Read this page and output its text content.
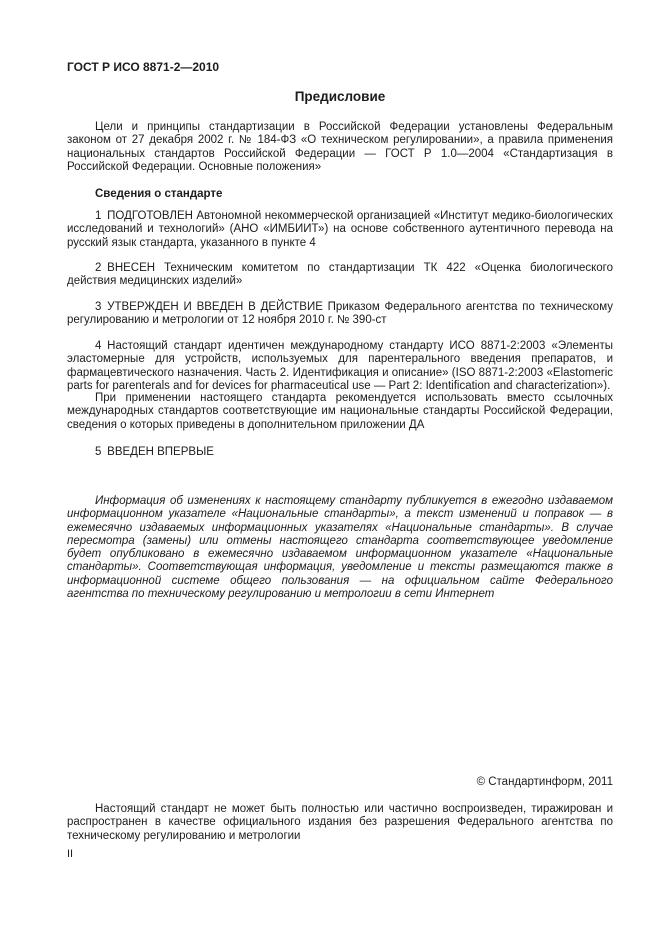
ГОСТ Р ИСО 8871-2—2010

Предисловие

Цели и принципы стандартизации в Российской Федерации установлены Федеральным законом от 27 декабря 2002 г. № 184-ФЗ «О техническом регулировании», а правила применения национальных стандартов Российской Федерации — ГОСТ Р 1.0—2004 «Стандартизация в Российской Федерации. Основные положения»

Сведения о стандарте

1 ПОДГОТОВЛЕН Автономной некоммерческой организацией «Институт медико-биологических исследований и технологий» (АНО «ИМБИИТ») на основе собственного аутентичного перевода на русский язык стандарта, указанного в пункте 4

2 ВНЕСЕН Техническим комитетом по стандартизации ТК 422 «Оценка биологического действия медицинских изделий»

3 УТВЕРЖДЕН И ВВЕДЕН В ДЕЙСТВИЕ Приказом Федерального агентства по техническому регулированию и метрологии от 12 ноября 2010 г. № 390-ст

4 Настоящий стандарт идентичен международному стандарту ИСО 8871-2:2003 «Элементы эластомерные для устройств, используемых для парентерального введения препаратов, и фармацевтического назначения. Часть 2. Идентификация и описание» (ISO 8871-2:2003 «Elastomeric parts for parenterals and for devices for pharmaceutical use — Part 2: Identification and characterization»).

При применении настоящего стандарта рекомендуется использовать вместо ссылочных международных стандартов соответствующие им национальные стандарты Российской Федерации, сведения о которых приведены в дополнительном приложении ДА

5 ВВЕДЕН ВПЕРВЫЕ

Информация об изменениях к настоящему стандарту публикуется в ежегодно издаваемом информационном указателе «Национальные стандарты», а текст изменений и поправок — в ежемесячно издаваемых информационных указателях «Национальные стандарты». В случае пересмотра (замены) или отмены настоящего стандарта соответствующее уведомление будет опубликовано в ежемесячно издаваемом информационном указателе «Национальные стандарты». Соответствующая информация, уведомление и тексты размещаются также в информационной системе общего пользования — на официальном сайте Федерального агентства по техническому регулированию и метрологии в сети Интернет

© Стандартинформ, 2011

Настоящий стандарт не может быть полностью или частично воспроизведен, тиражирован и распространен в качестве официального издания без разрешения Федерального агентства по техническому регулированию и метрологии

II
